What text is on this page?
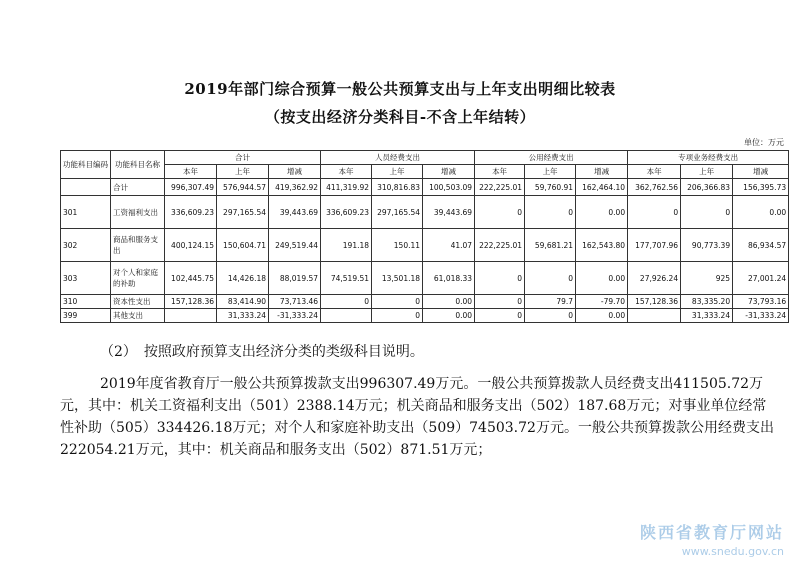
2019年部门综合预算一般公共预算支出与上年支出明细比较表
（按支出经济分类科目-不含上年结转）
单位：万元
功能科目编码	功能科目名称	合计			人员经费支出			公用经费支出			专项业务经费支出		
		本年	上年	增减	本年	上年	增减	本年	上年	增减	本年	上年	增减
	合计	996,307.49	576,944.57	419,362.92	411,319.92	310,816.83	100,503.09	222,225.01	59,760.91	162,464.10	362,762.56	206,366.83	156,395.73
301	工资福利支出	336,609.23	297,165.54	39,443.69	336,609.23	297,165.54	39,443.69	0	0	0.00	0	0	0.00
302	商品和服务支出	400,124.15	150,604.71	249,519.44	191.18	150.11	41.07	222,225.01	59,681.21	162,543.80	177,707.96	90,773.39	86,934.57
303	对个人和家庭的补助	102,445.75	14,426.18	88,019.57	74,519.51	13,501.18	61,018.33	0	0	0.00	27,926.24	925	27,001.24
310	资本性支出	157,128.36	83,414.90	73,713.46	0	0	0.00	0	79.7	-79.70	157,128.36	83,335.20	73,793.16
399	其他支出		31,333.24	-31,333.24		0	0.00	0	0	0.00		31,333.24	-31,333.24

（2）　按照政府预算支出经济分类的类级科目说明。

2019年度省教育厅一般公共预算拨款支出996307.49万元。一般公共预算拨款人员经费支出411505.72万元，其中：机关工资福利支出（501）2388.14万元；机关商品和服务支出（502）187.68万元；对事业单位经常性补助（505）334426.18万元；对个人和家庭补助支出（509）74503.72万元。一般公共预算拨款公用经费支出222054.21万元，其中：机关商品和服务支出（502）871.51万元；

陕西省教育厅网站
www.snedu.gov.cn
